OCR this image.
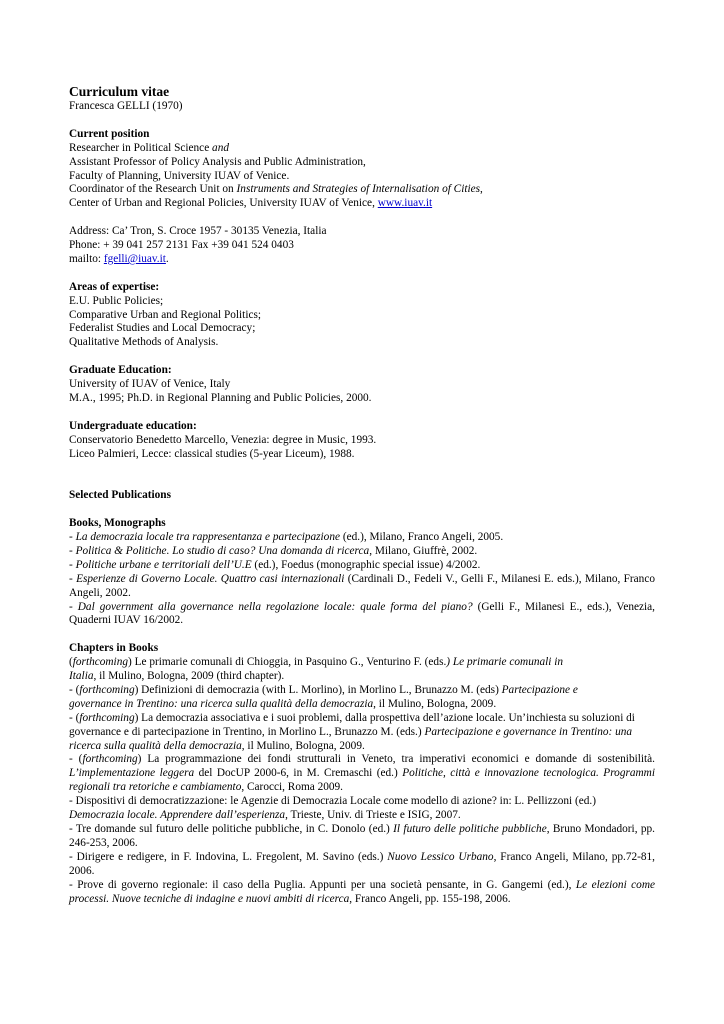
Curriculum vitae
Francesca GELLI (1970)
Current position
Researcher in Political Science and
Assistant Professor of Policy Analysis and Public Administration,
Faculty of Planning, University IUAV of Venice.
Coordinator of the Research Unit on Instruments and Strategies of Internalisation of Cities,
Center of Urban and Regional Policies, University IUAV of Venice, www.iuav.it
Address: Ca’ Tron, S. Croce 1957 - 30135 Venezia, Italia
Phone: + 39 041 257 2131 Fax +39 041 524 0403
mailto: fgelli@iuav.it.
Areas of expertise:
E.U. Public Policies;
Comparative Urban and Regional Politics;
Federalist Studies and Local Democracy;
Qualitative Methods of Analysis.
Graduate Education:
University of IUAV of Venice, Italy
M.A., 1995; Ph.D. in Regional Planning and Public Policies, 2000.
Undergraduate education:
Conservatorio Benedetto Marcello, Venezia: degree in Music, 1993.
Liceo Palmieri, Lecce: classical studies (5-year Liceum), 1988.
Selected Publications
Books, Monographs
- La democrazia locale tra rappresentanza e partecipazione (ed.), Milano, Franco Angeli, 2005.
- Politica & Politiche. Lo studio di caso? Una domanda di ricerca, Milano, Giuffrè, 2002.
- Politiche urbane e territoriali dell’U.E (ed.), Foedus (monographic special issue) 4/2002.
- Esperienze di Governo Locale. Quattro casi internazionali (Cardinali D., Fedeli V., Gelli F., Milanesi E. eds.), Milano, Franco Angeli, 2002.
- Dal government alla governance nella regolazione locale: quale forma del piano? (Gelli F., Milanesi E., eds.), Venezia, Quaderni IUAV 16/2002.
Chapters in Books
(forthcoming) Le primarie comunali di Chioggia, in Pasquino G., Venturino F. (eds.) Le primarie comunali in
Italia, il Mulino, Bologna, 2009 (third chapter).
- (forthcoming) Definizioni di democrazia (with L. Morlino), in Morlino L., Brunazzo M. (eds) Partecipazione e
governance in Trentino: una ricerca sulla qualità della democrazia, il Mulino, Bologna, 2009.
- (forthcoming) La democrazia associativa e i suoi problemi, dalla prospettiva dell’azione locale. Un’inchiesta su soluzioni di governance e di partecipazione in Trentino, in Morlino L., Brunazzo M. (eds.) Partecipazione e governance in Trentino: una ricerca sulla qualità della democrazia, il Mulino, Bologna, 2009.
- (forthcoming) La programmazione dei fondi strutturali in Veneto, tra imperativi economici e domande di sostenibilità. L’implementazione leggera del DocUP 2000-6, in M. Cremaschi (ed.) Politiche, città e innovazione tecnologica. Programmi regionali tra retoriche e cambiamento, Carocci, Roma 2009.
- Dispositivi di democratizzazione: le Agenzie di Democrazia Locale come modello di azione? in: L. Pellizzoni (ed.)
Democrazia locale. Apprendere dall’esperienza, Trieste, Univ. di Trieste e ISIG, 2007.
- Tre domande sul futuro delle politiche pubbliche, in C. Donolo (ed.) Il futuro delle politiche pubbliche, Bruno Mondadori, pp. 246-253, 2006.
- Dirigere e redigere, in F. Indovina, L. Fregolent, M. Savino (eds.) Nuovo Lessico Urbano, Franco Angeli, Milano, pp.72-81, 2006.
- Prove di governo regionale: il caso della Puglia. Appunti per una società pensante, in G. Gangemi (ed.), Le elezioni come processi. Nuove tecniche di indagine e nuovi ambiti di ricerca, Franco Angeli, pp. 155-198, 2006.
